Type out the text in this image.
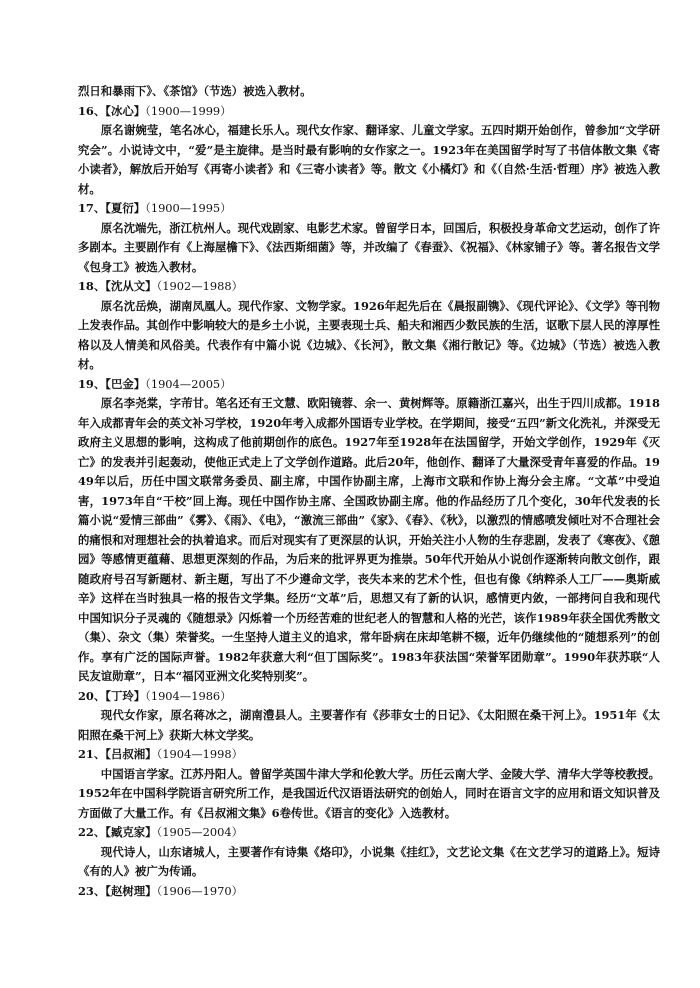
烈日和暴雨下》、《茶馆》（节选）被选入教材。

16、【冰心】（1900—1999）

原名谢婉莹，笔名冰心，福建长乐人。现代女作家、翻译家、儿童文学家。五四时期开始创作，曾参加“文学研究会”。小说诗文中，“爱”是主旋律。是当时最有影响的女作家之一。1923年在美国留学时写了书信体散文集《寄小读者》，解放后开始写《再寄小读者》和《三寄小读者》等。散文《小橘灯》和《（自然·生活·哲理）序》被选入教材。

17、【夏衍】（1900—1995）

原名沈端先，浙江杭州人。现代戏剧家、电影艺术家。曾留学日本，回国后，积极投身革命文艺运动，创作了许多剧本。主要剧作有《上海屋檐下》、《法西斯细菌》等，并改编了《春蚕》、《祝福》、《林家铺子》等。著名报告文学《包身工》被选入教材。

18、【沈从文】（1902—1988）

原名沈岳焕，湖南凤凰人。现代作家、文物学家。1926年起先后在《晨报副镌》、《现代评论》、《文学》等刊物上发表作品。其创作中影响较大的是乡土小说，主要表现士兵、船夫和湘西少数民族的生活，讴歌下层人民的淳厚性格以及人情美和风俗美。代表作有中篇小说《边城》、《长河》，散文集《湘行散记》等。《边城》（节选）被选入教材。

19、【巴金】（1904—2005）

原名李尧棠，字芾甘。笔名还有王文慧、欧阳镜蓉、余一、黄树辉等。原籍浙江嘉兴，出生于四川成都。1918年入成都青年会的英文补习学校，1920年考入成都外国语专业学校。在学期间，接受“五四”新文化洗礼，并深受无政府主义思想的影响，这构成了他前期创作的底色。1927年至1928年在法国留学，开始文学创作，1929年《灭亡》的发表并引起轰动，使他正式走上了文学创作道路。此后20年，他创作、翻译了大量深受青年喜爱的作品。1949年以后，历任中国文联常务委员、副主席，中国作协副主席，上海市文联和作协上海分会主席。“文革”中受迫害，1973年自“干校”回上海。现任中国作协主席、全国政协副主席。他的作品经历了几个变化，30年代发表的长篇小说“爱情三部曲”《雾》、《雨》、《电》，“激流三部曲”《家》、《春》、《秋》，以激烈的情感喷发倾吐对不合理社会的痛恨和对理想社会的执着追求。而后对现实有了更深层的认识，开始关注小人物的生存悲剧，发表了《寒夜》、《憩园》等感情更蕴藉、思想更深刻的作品，为后来的批评界更为推崇。50年代开始从小说创作逐渐转向散文创作，跟随政府号召写新题材、新主题，写出了不少遵命文学，丧失本来的艺术个性，但也有像《纳粹杀人工厂——奥斯威辛》这样在当时独具一格的报告文学集。经历“文革”后，思想又有了新的认识，感情更内敛，一部拷问自我和现代中国知识分子灵魂的《随想录》闪烁着一个历经苦难的世纪老人的智慧和人格的光芒，该作1989年获全国优秀散文（集）、杂文（集）荣誉奖。一生坚持人道主义的追求，常年卧病在床却笔耕不辍，近年仍继续他的“随想系列”的创作。享有广泛的国际声誉。1982年获意大利“但丁国际奖”。1983年获法国“荣誉军团勋章”。1990年获苏联“人民友谊勋章”，日本“福冈亚洲文化奖特别奖”。

20、【丁玲】（1904—1986）

现代女作家，原名蒋冰之，湖南澧县人。主要著作有《莎菲女士的日记》、《太阳照在桑干河上》。1951年《太阳照在桑干河上》获斯大林文学奖。

21、【吕叔湘】（1904—1998）

中国语言学家。江苏丹阳人。曾留学英国牛津大学和伦敦大学。历任云南大学、金陵大学、清华大学等校教授。1952年在中国科学院语言研究所工作，是我国近代汉语语法研究的创始人，同时在语言文字的应用和语文知识普及方面做了大量工作。有《吕叔湘文集》6卷传世。《语言的变化》入选教材。

22、【臧克家】（1905—2004）

现代诗人，山东诸城人，主要著作有诗集《烙印》，小说集《挂红》，文艺论文集《在文艺学习的道路上》。短诗《有的人》被广为传诵。

23、【赵树理】（1906—1970）
